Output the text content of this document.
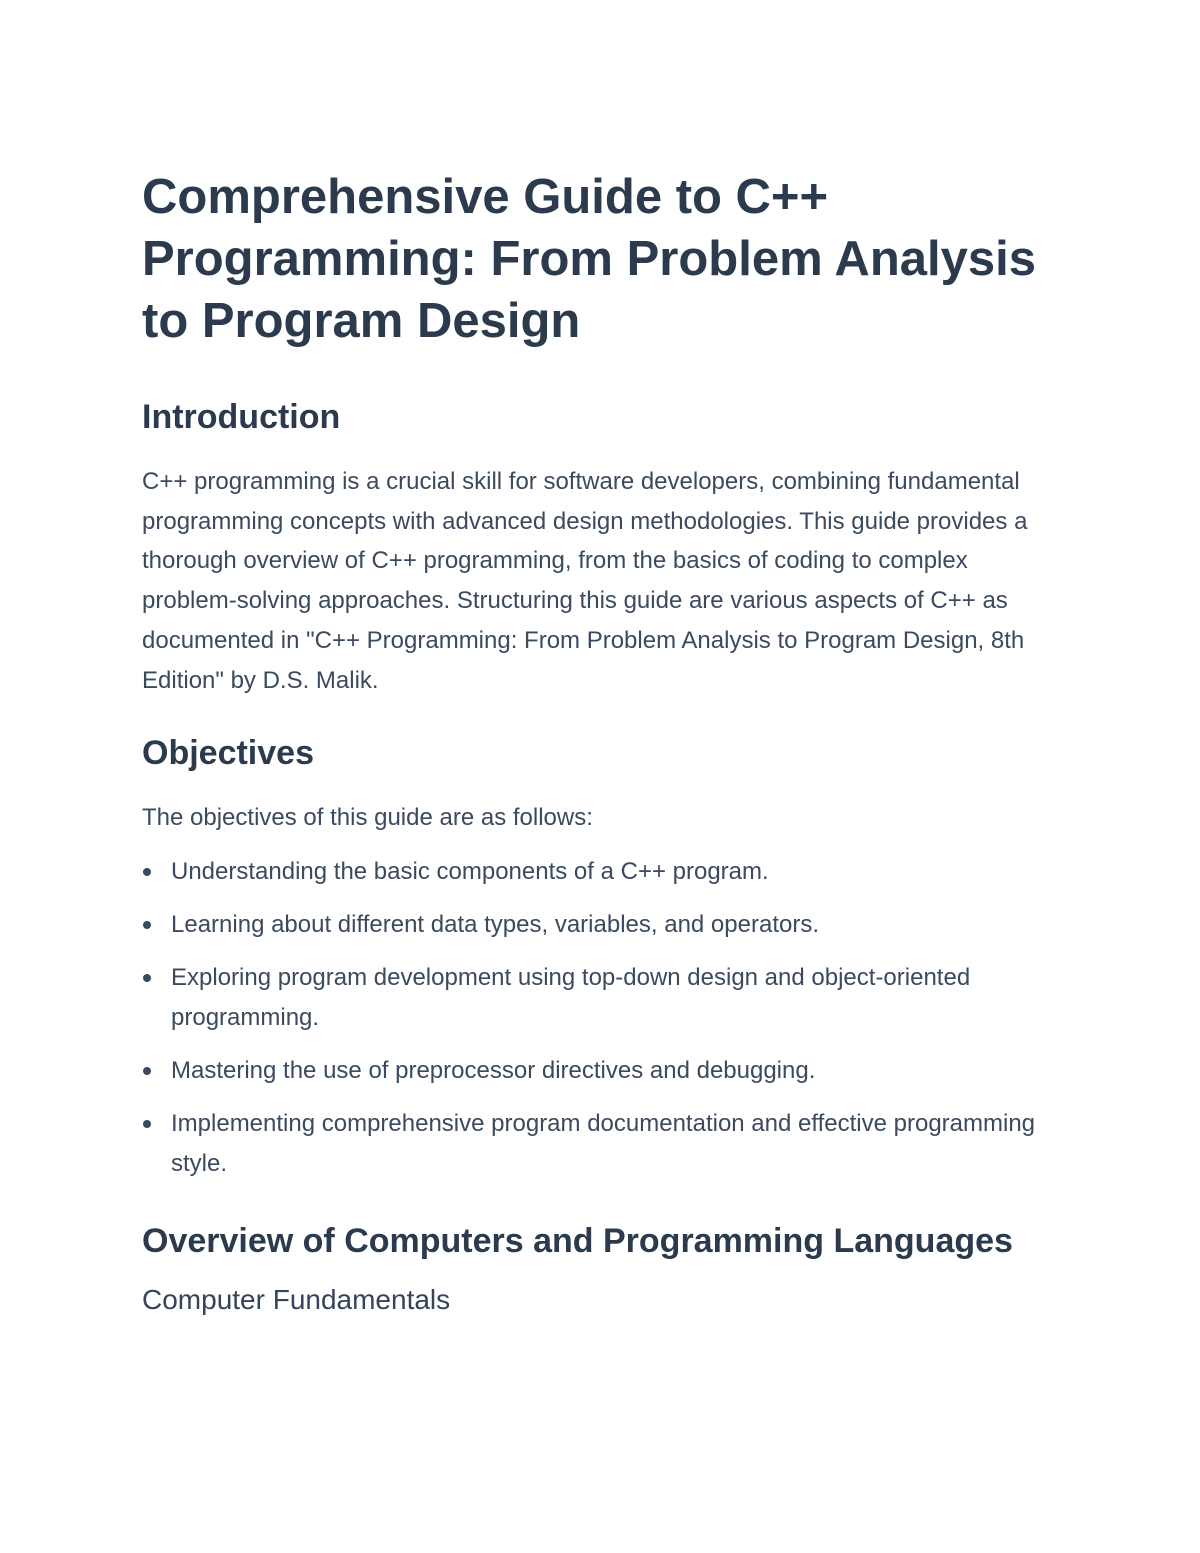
Comprehensive Guide to C++ Programming: From Problem Analysis to Program Design
Introduction

C++ programming is a crucial skill for software developers, combining fundamental programming concepts with advanced design methodologies. This guide provides a thorough overview of C++ programming, from the basics of coding to complex problem-solving approaches. Structuring this guide are various aspects of C++ as documented in "C++ Programming: From Problem Analysis to Program Design, 8th Edition" by D.S. Malik.

Objectives

The objectives of this guide are as follows:

Understanding the basic components of a C++ program.
Learning about different data types, variables, and operators.
Exploring program development using top-down design and object-oriented programming.
Mastering the use of preprocessor directives and debugging.
Implementing comprehensive program documentation and effective programming style.
Overview of Computers and Programming Languages
Computer Fundamentals
